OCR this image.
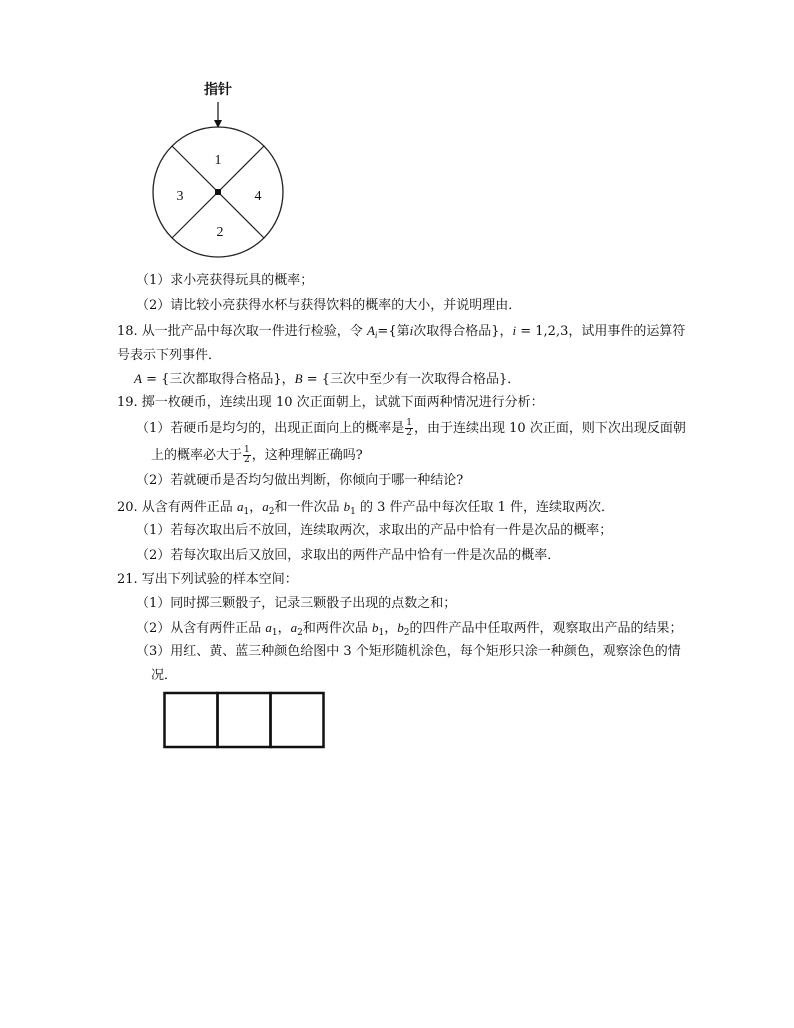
指针
1
2
3	4
（1）求小亮获得玩具的概率；
（2）请比较小亮获得水杯与获得饮料的概率的大小，并说明理由．
18. 从一批产品中每次取一件进行检验，令 $A_i=${第i次取得合格品}，i = 1,2,3，试用事件的运算符
号表示下列事件．
A = {三次都取得合格品}，B = {三次中至少有一次取得合格品}．
19. 掷一枚硬币，连续出现 10 次正面朝上，试就下面两种情况进行分析：
（1）若硬币是均匀的，出现正面向上的概率是 $\frac{1}{2}$ ，由于连续出现 10 次正面，则下次出现反面朝
上的概率必大于 $\frac{1}{2}$ ，这种理解正确吗?
（2）若就硬币是否均匀做出判断，你倾向于哪一种结论?
20. 从含有两件正品 $a_1$，$a_2$和一件次品 $b_1$ 的 3 件产品中每次任取 1 件，连续取两次．
（1）若每次取出后不放回，连续取两次，求取出的产品中恰有一件是次品的概率；
（2）若每次取出后又放回，求取出的两件产品中恰有一件是次品的概率．
21. 写出下列试验的样本空间：
（1）同时掷三颗骰子，记录三颗骰子出现的点数之和；
（2）从含有两件正品 $a_1$，$a_2$和两件次品 $b_1$，$b_2$的四件产品中任取两件，观察取出产品的结果；
（3）用红、黄、蓝三种颜色给图中 3 个矩形随机涂色，每个矩形只涂一种颜色，观察涂色的情
况．
